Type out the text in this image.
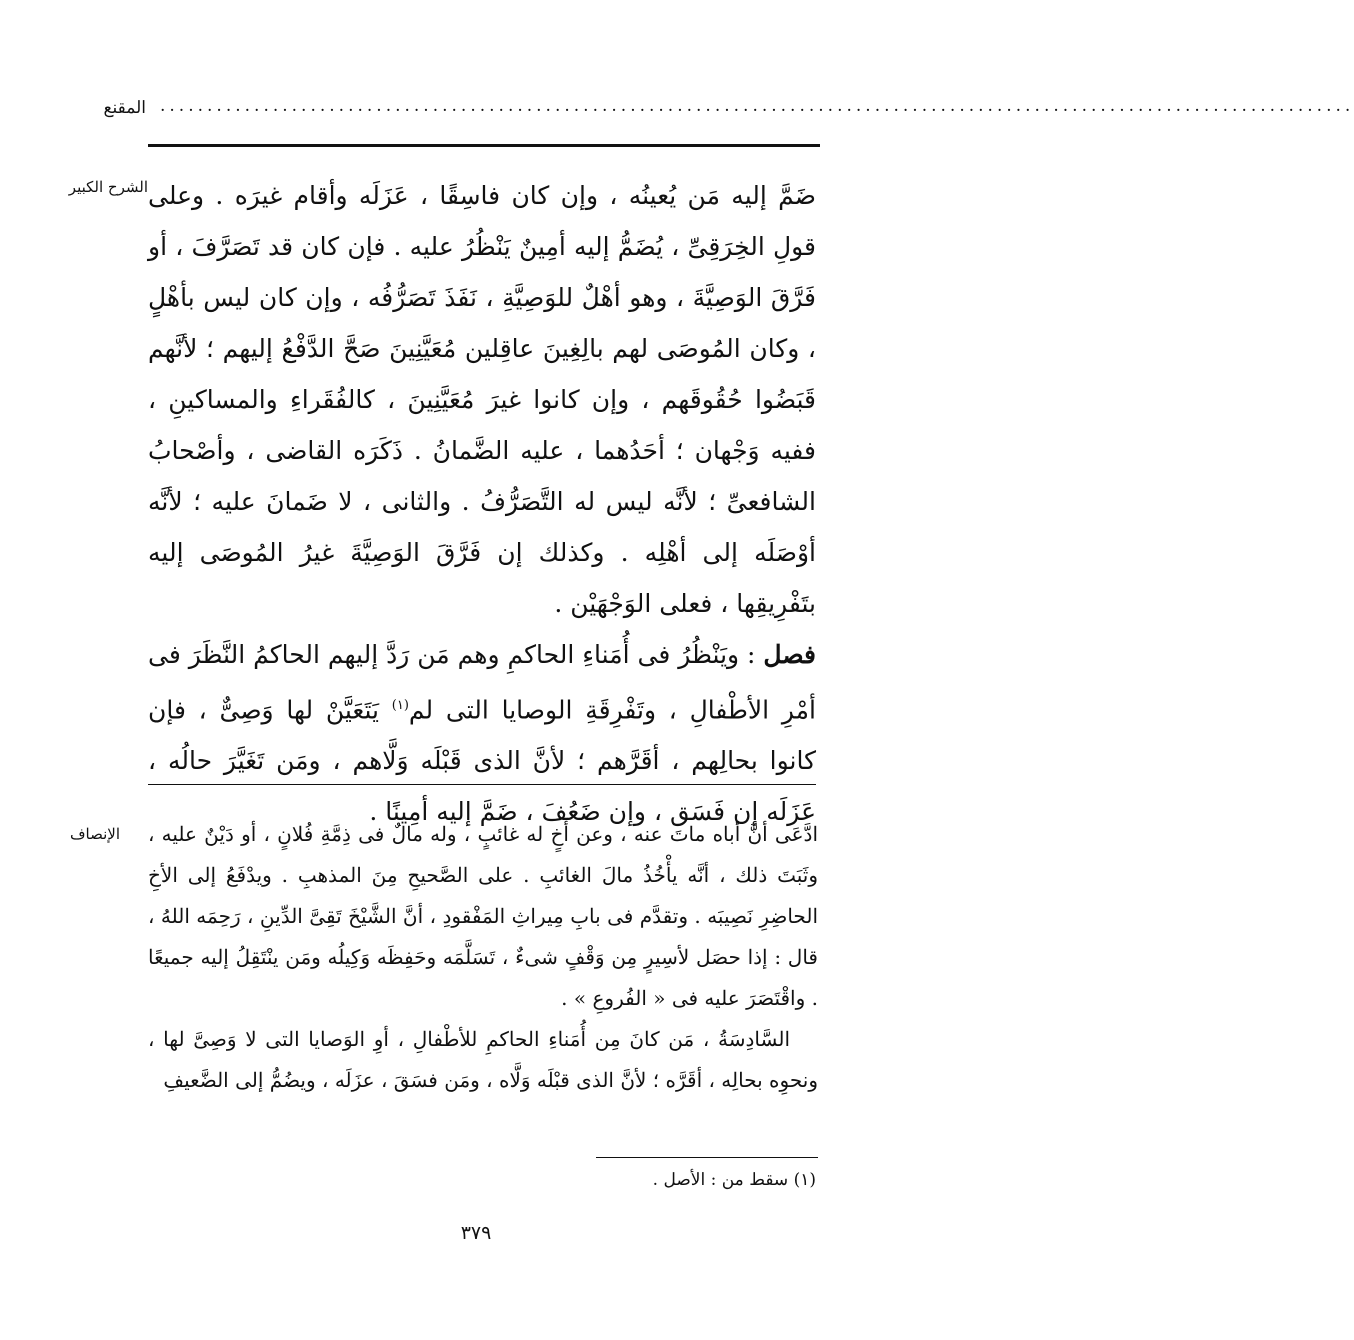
المقنع ...............................................................................................................................
الشرح الكبير ضَمَّ إليه مَن يُعينُه ، وإن كان فاسِقًا ، عَزَلَه وأقام غيرَه . وعلى قولِ الخِرَقِىِّ ، يُضَمُّ إليه أمِينٌ يَنْظُرُ عليه . فإن كان قد تَصَرَّفَ ، أو فَرَّقَ الوَصِيَّةَ ، وهو أهْلٌ للوَصِيَّةِ ، نَفَذَ تَصَرُّفُه ، وإن كان ليس بأهْلٍ ، وكان المُوصَى لهم بالِغِينَ عاقِلين مُعَيَّنِينَ صَحَّ الدَّفْعُ إليهم ؛ لأنَّهم قَبَضُوا حُقُوقَهم ، وإن كانوا غيرَ مُعَيَّنِينَ ، كالفُقَراءِ والمساكينِ ، ففيه وَجْهان ؛ أحَدُهما ، عليه الضَّمانُ . ذَكَرَه القاضى ، وأصْحابُ الشافعىِّ ؛ لأنَّه ليس له التَّصَرُّفُ . والثانى ، لا ضَمانَ عليه ؛ لأنَّه أوْصَلَه إلى أهْلِه . وكذلك إن فَرَّقَ الوَصِيَّةَ غيرُ المُوصَى إليه بتَفْرِيقِها ، فعلى الوَجْهَيْن .

فصل : ويَنْظُرُ فى أُمَناءِ الحاكمِ وهم مَن رَدَّ إليهم الحاكمُ النَّظَرَ فى أمْرِ الأطْفالِ ، وتَفْرِقَةِ الوصايا التى لم$^{(١)}$ يَتَعَيَّنْ لها وَصِىٌّ ، فإن كانوا بحالِهم ، أقَرَّهم ؛ لأنَّ الذى قَبْلَه وَلَّاهم ، ومَن تَغَيَّرَ حالُه ، عَزَلَه إن فَسَق ، وإن ضَعُفَ ، ضَمَّ إليه أمِينًا .

الإنصاف ادَّعَى أنَّ أباه ماتَ عنه ، وعن أخٍ له غائبٍ ، وله مالٌ فى ذِمَّةِ فُلانٍ ، أو دَيْنٌ عليه ، وثَبَتَ ذلك ، أنَّه يأْخُذُ مالَ الغائبِ . على الصَّحيحِ مِنَ المذهبِ . ويدْفَعُ إلى الأخِ الحاضِرِ نَصِيبَه . وتقدَّم فى بابِ مِيراثِ المَفْقودِ ، أنَّ الشَّيْخَ تَقِىَّ الدِّينِ ، رَحِمَه اللهُ ، قال : إذا حصَل لأسِيرٍ مِن وَقْفٍ شىءٌ ، تَسَلَّمَه وحَفِظَه وَكِيلُه ومَن ينْتَقِلُ إليه جميعًا . واقْتَصَرَ عليه فى « الفُروعِ » .

السَّادِسَةُ ، مَن كانَ مِن أُمَناءِ الحاكمِ للأطْفالِ ، أوِ الوَصايا التى لا وَصِىَّ لها ، ونحوِه بحالِه ، أقَرَّه ؛ لأنَّ الذى قبْلَه وَلَّاه ، ومَن فسَقَ ، عزَلَه ، ويضُمُّ إلى الضَّعيفِ

(١) سقط من : الأصل .
٣٧٩
